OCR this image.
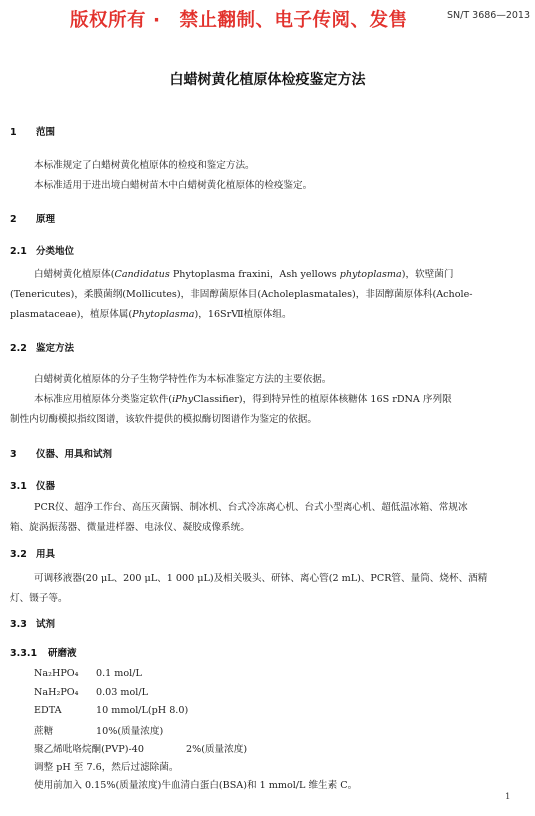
版权所有 ·　禁止翻制、电子传阅、发售	SN/T 3686—2013
白蜡树黄化植原体检疫鉴定方法
1 范围
本标准规定了白蜡树黄化植原体的检疫和鉴定方法。
本标准适用于进出境白蜡树苗木中白蜡树黄化植原体的检疫鉴定。
2 原理
2.1 分类地位
白蜡树黄化植原体(Candidatus Phytoplasma fraxini，Ash yellows phytoplasma)，软壁菌门
(Tenericutes)，柔膜菌纲(Mollicutes)，非固醇菌原体目(Acholeplasmatales)，非固醇菌原体科(Achole-
plasmataceae)，植原体属(Phytoplasma)，16SrⅦ植原体组。
2.2 鉴定方法
白蜡树黄化植原体的分子生物学特性作为本标准鉴定方法的主要依据。
本标准应用植原体分类鉴定软件(iPhyClassifier)，得到特异性的植原体核糖体 16S rDNA 序列限
制性内切酶模拟指纹图谱，该软件提供的模拟酶切图谱作为鉴定的依据。
3 仪器、用具和试剂
3.1 仪器
PCR仪、超净工作台、高压灭菌锅、制冰机、台式冷冻离心机、台式小型离心机、超低温冰箱、常规冰
箱、旋涡振荡器、微量进样器、电泳仪、凝胶成像系统。
3.2 用具
可调移液器(20 μL、200 μL、1 000 μL)及相关吸头、研钵、离心管(2 mL)、PCR管、量筒、烧杯、酒精
灯、镊子等。
3.3 试剂
3.3.1 研磨液
Na₂HPO₄ 0.1 mol/L
NaH₂PO₄ 0.03 mol/L
EDTA	10 mmol/L(pH 8.0)
蔗糖	10%(质量浓度)
聚乙烯吡咯烷酮(PVP)-40	2%(质量浓度)
调整 pH 至 7.6，然后过滤除菌。
使用前加入 0.15%(质量浓度)牛血清白蛋白(BSA)和 1 mmol/L 维生素 C。
1
